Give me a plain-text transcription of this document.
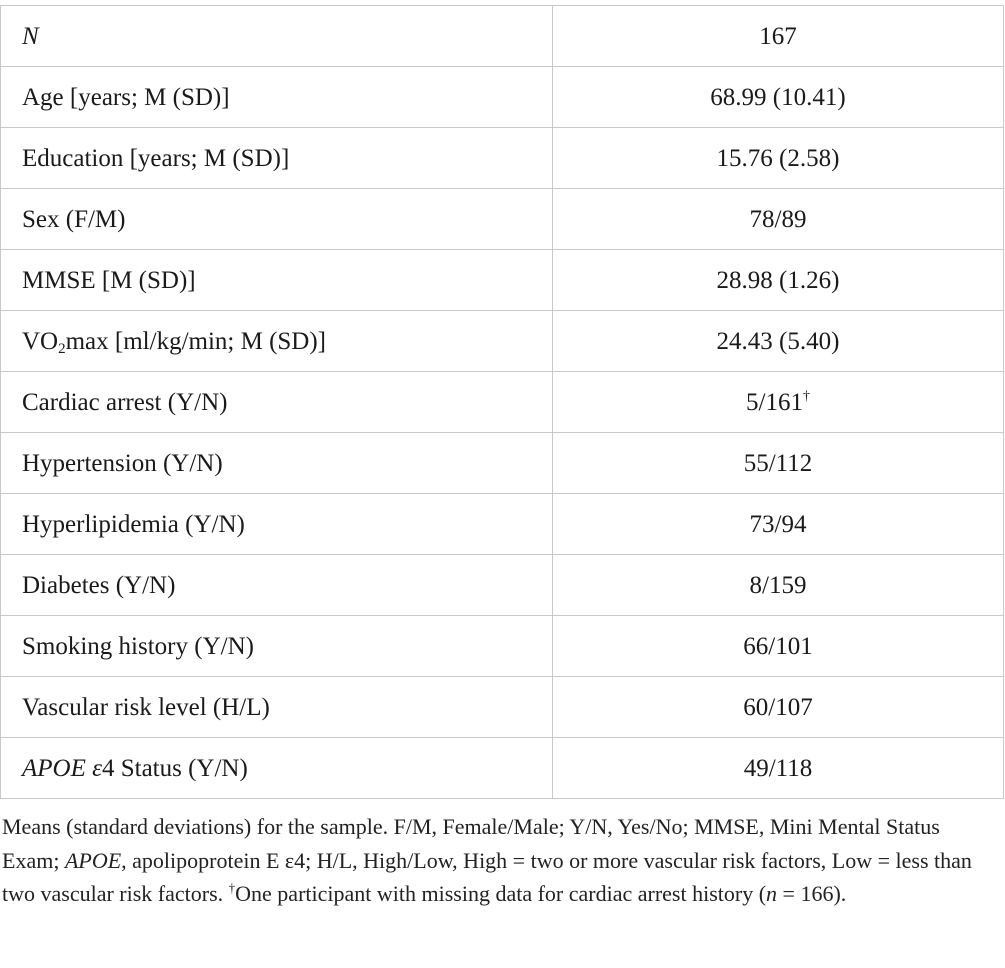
N	167
Age [years; M (SD)]	68.99 (10.41)
Education [years; M (SD)]	15.76 (2.58)
Sex (F/M)	78/89
MMSE [M (SD)]	28.98 (1.26)
$VO_2\max$ [ml/kg/min; M (SD)]	24.43 (5.40)
Cardiac arrest (Y/N)	5/161†
Hypertension (Y/N)	55/112
Hyperlipidemia (Y/N)	73/94
Diabetes (Y/N)	8/159
Smoking history (Y/N)	66/101
Vascular risk level (H/L)	60/107
APOE ε4 Status (Y/N)	49/118
Means (standard deviations) for the sample. F/M, Female/Male; Y/N, Yes/No; MMSE, Mini Mental Status Exam; APOE, apolipoprotein E ε4; H/L, High/Low, High = two or more vascular risk factors, Low = less than two vascular risk factors. †One participant with missing data for cardiac arrest history (n = 166).
